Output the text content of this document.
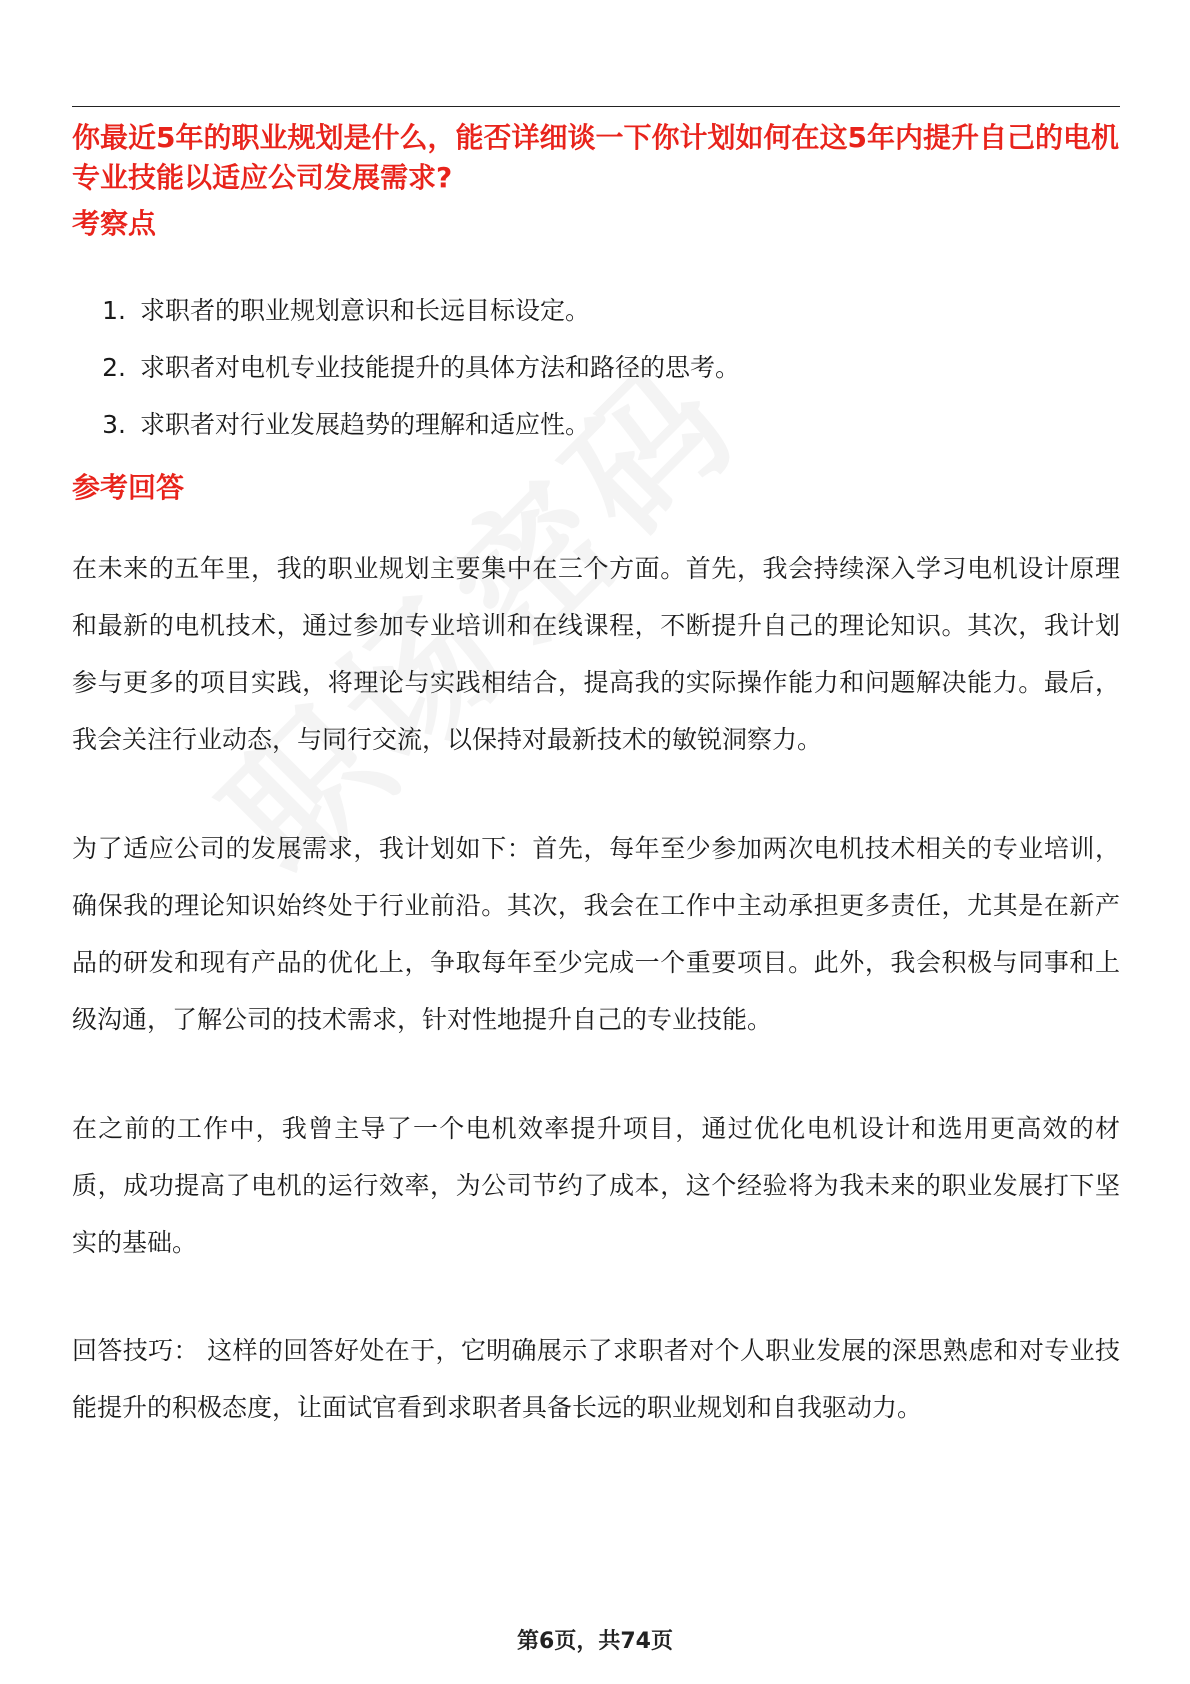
你最近5年的职业规划是什么，能否详细谈一下你计划如何在这5年内提升自己的电机专业技能以适应公司发展需求?
考察点
1. 求职者的职业规划意识和长远目标设定。
2. 求职者对电机专业技能提升的具体方法和路径的思考。
3. 求职者对行业发展趋势的理解和适应性。
参考回答

在未来的五年里，我的职业规划主要集中在三个方面。首先，我会持续深入学习电机设计原理和最新的电机技术，通过参加专业培训和在线课程，不断提升自己的理论知识。其次，我计划参与更多的项目实践，将理论与实践相结合，提高我的实际操作能力和问题解决能力。最后，我会关注行业动态，与同行交流，以保持对最新技术的敏锐洞察力。

为了适应公司的发展需求，我计划如下：首先，每年至少参加两次电机技术相关的专业培训，确保我的理论知识始终处于行业前沿。其次，我会在工作中主动承担更多责任，尤其是在新产品的研发和现有产品的优化上，争取每年至少完成一个重要项目。此外，我会积极与同事和上级沟通，了解公司的技术需求，针对性地提升自己的专业技能。

在之前的工作中，我曾主导了一个电机效率提升项目，通过优化电机设计和选用更高效的材质，成功提高了电机的运行效率，为公司节约了成本，这个经验将为我未来的职业发展打下坚实的基础。

回答技巧： 这样的回答好处在于，它明确展示了求职者对个人职业发展的深思熟虑和对专业技能提升的积极态度，让面试官看到求职者具备长远的职业规划和自我驱动力。

第6页，共74页
